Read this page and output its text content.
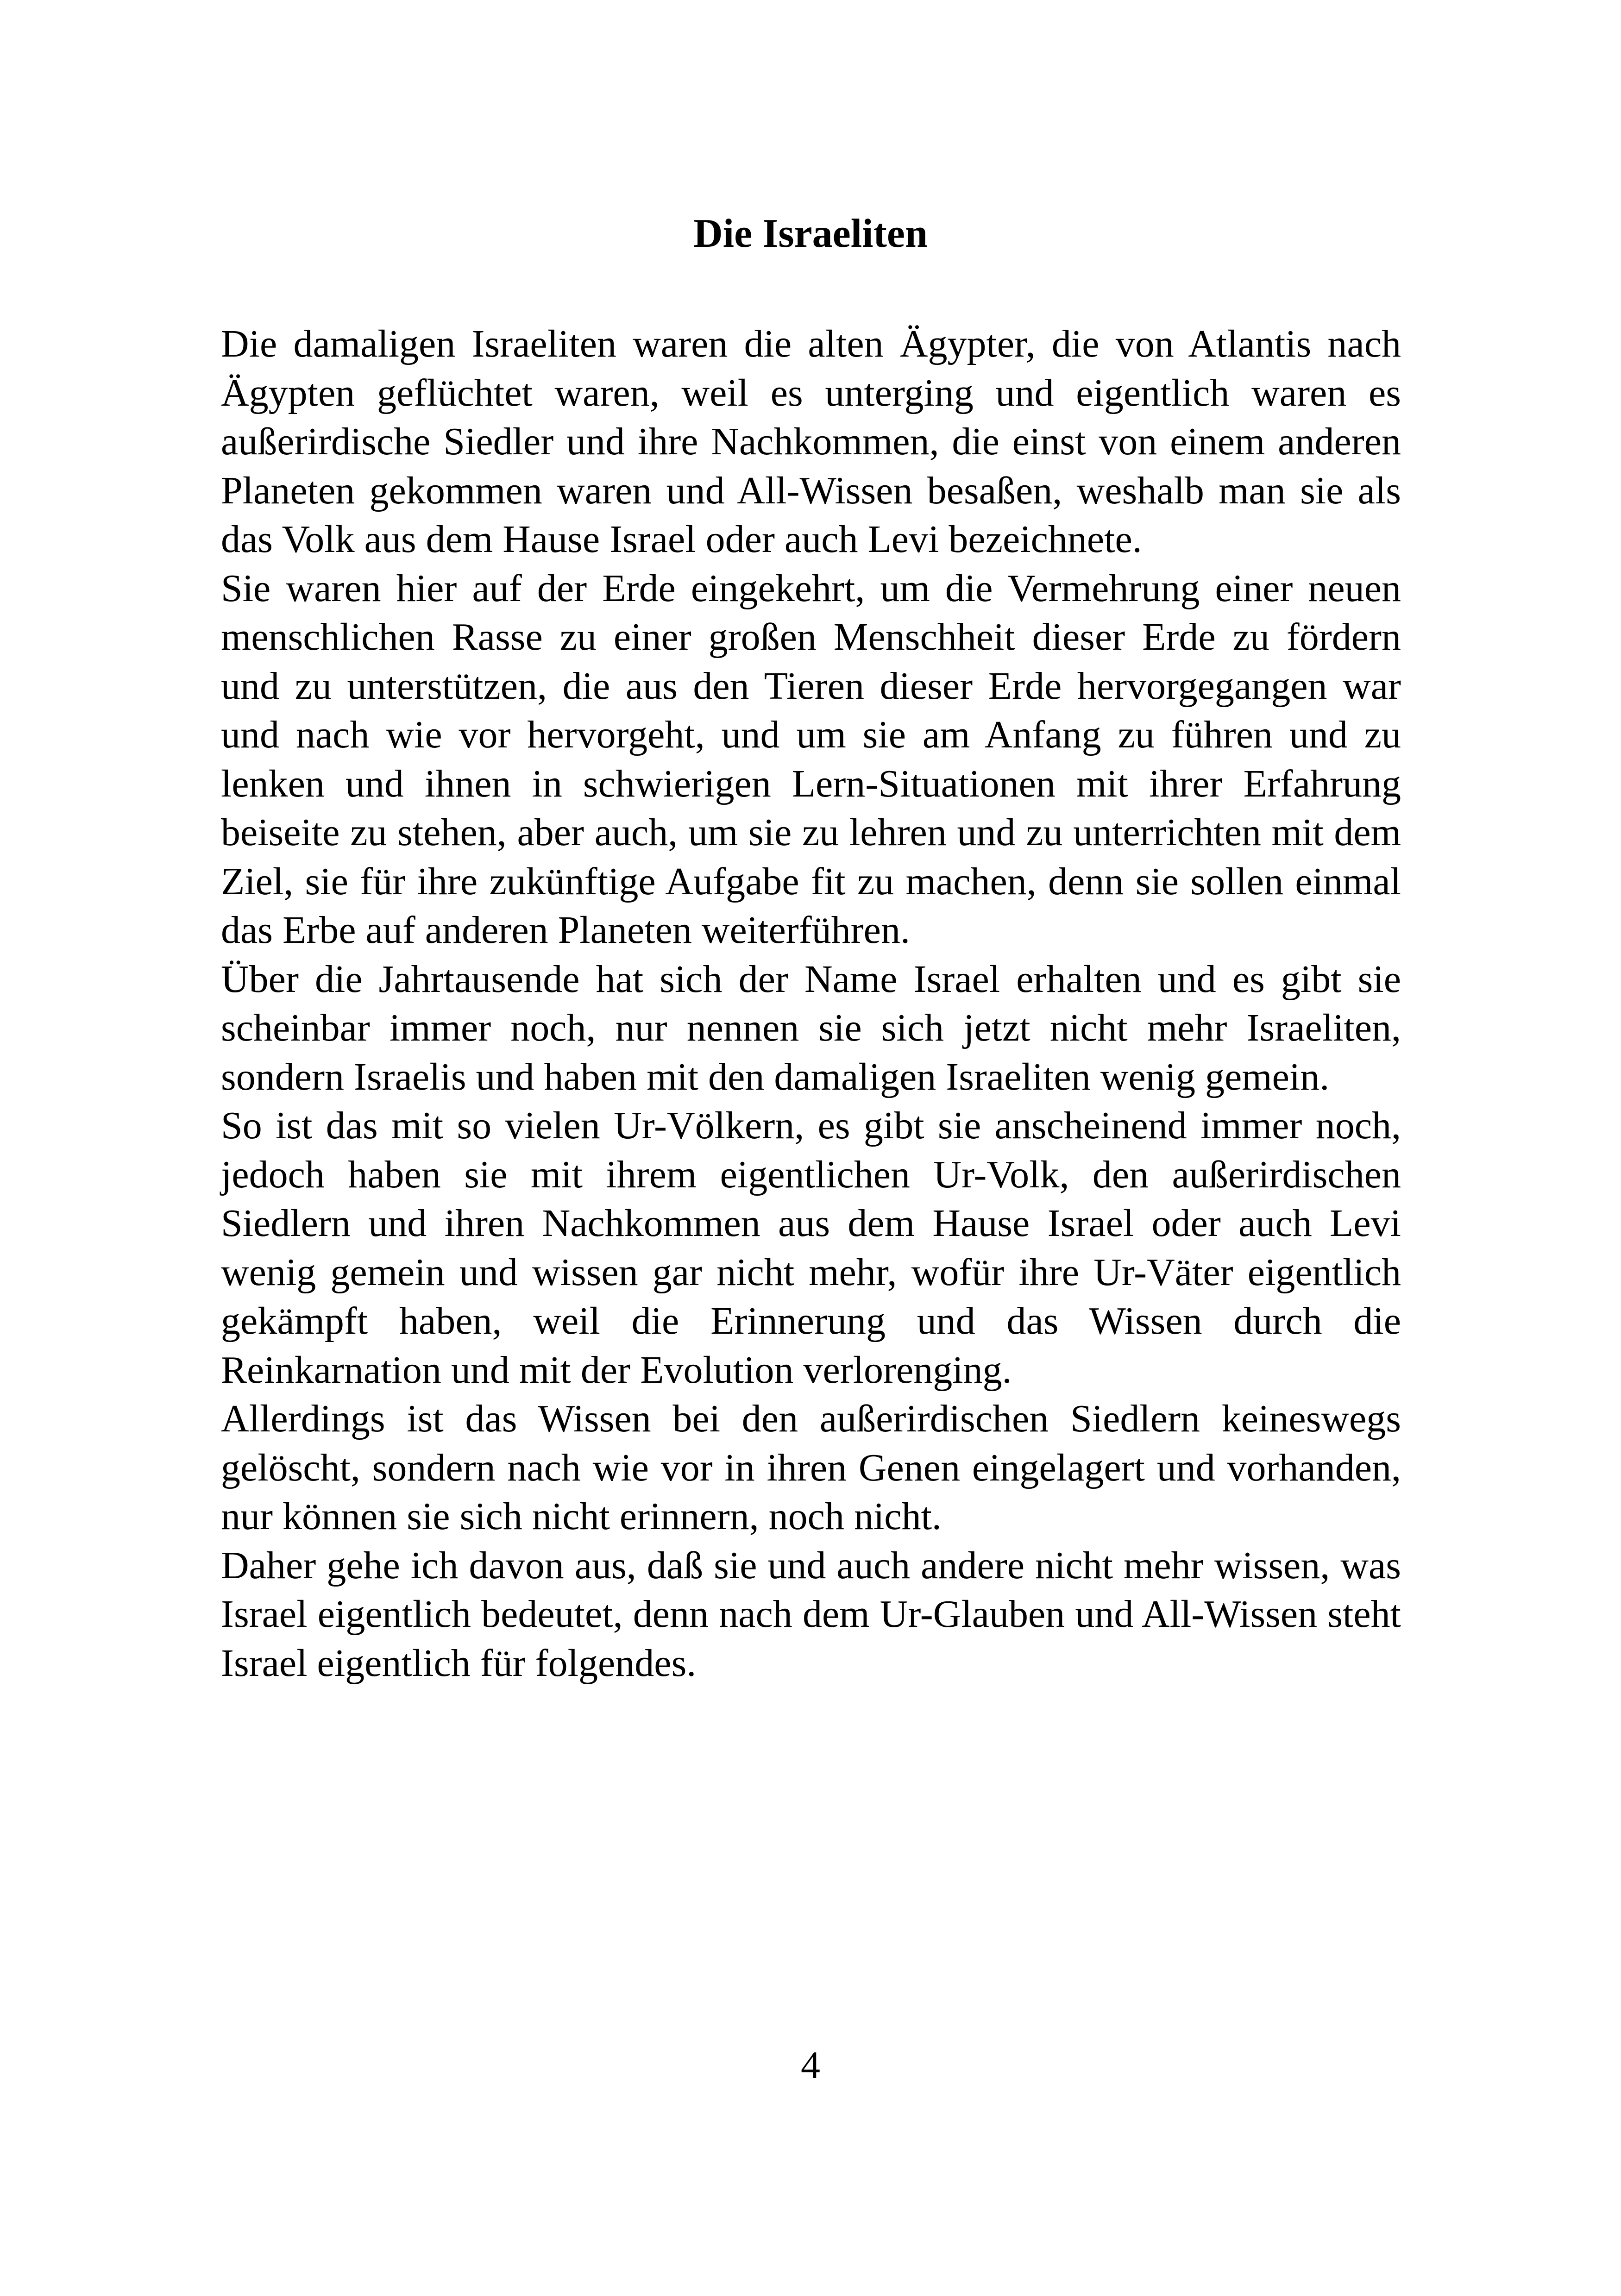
Die Israeliten

Die damaligen Israeliten waren die alten Ägypter, die von Atlantis nach Ägypten geflüchtet waren, weil es unterging und eigentlich waren es außerirdische Siedler und ihre Nachkommen, die einst von einem anderen Planeten gekommen waren und All-Wissen besaßen, weshalb man sie als das Volk aus dem Hause Israel oder auch Levi bezeichnete.

Sie waren hier auf der Erde eingekehrt, um die Vermehrung einer neuen menschlichen Rasse zu einer großen Menschheit dieser Erde zu fördern und zu unterstützen, die aus den Tieren dieser Erde hervorgegangen war und nach wie vor hervorgeht, und um sie am Anfang zu führen und zu lenken und ihnen in schwierigen Lern-Situationen mit ihrer Erfahrung beiseite zu stehen, aber auch, um sie zu lehren und zu unterrichten mit dem Ziel, sie für ihre zukünftige Aufgabe fit zu machen, denn sie sollen einmal das Erbe auf anderen Planeten weiterführen.

Über die Jahrtausende hat sich der Name Israel erhalten und es gibt sie scheinbar immer noch, nur nennen sie sich jetzt nicht mehr Israeliten, sondern Israelis und haben mit den damaligen Israeliten wenig gemein.

So ist das mit so vielen Ur-Völkern, es gibt sie anscheinend immer noch, jedoch haben sie mit ihrem eigentlichen Ur-Volk, den außerirdischen Siedlern und ihren Nachkommen aus dem Hause Israel oder auch Levi wenig gemein und wissen gar nicht mehr, wofür ihre Ur-Väter eigentlich gekämpft haben, weil die Erinnerung und das Wissen durch die Reinkarnation und mit der Evolution verlorenging.

Allerdings ist das Wissen bei den außerirdischen Siedlern keineswegs gelöscht, sondern nach wie vor in ihren Genen eingelagert und vorhanden, nur können sie sich nicht erinnern, noch nicht.

Daher gehe ich davon aus, daß sie und auch andere nicht mehr wissen, was Israel eigentlich bedeutet, denn nach dem Ur-Glauben und All-Wissen steht Israel eigentlich für folgendes.

4
